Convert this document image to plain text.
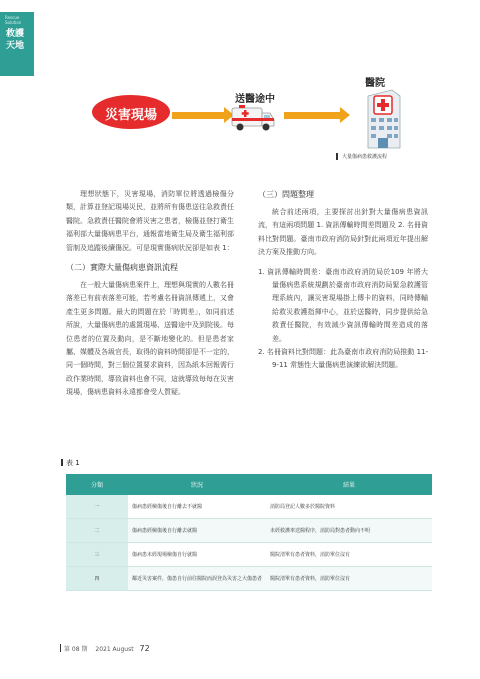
Rescue Solution
救護
天地
災害現場
送醫途中
醫院
大量傷病患救護流程

理想狀態下，災害現場，消防單位將透過檢傷分類，計算並登記現場災民，並將所有傷患送往急救責任醫院。急救責任醫院會將災害之患者，檢傷並登打衛生福利部大量傷病患平台，通報當地衛生局及衛生福利部管制及追蹤後續傷況。可是現實傷病狀況卻是如表 1：

（二）實際大量傷病患資訊流程

在一般大量傷病患案件上，理想與現實的人數名冊落差已有前表落差可能，若考慮名冊資訊傳遞上，又會產生更多問題。最大的問題在於「時間差」，如同前述所說，大量傷病患的處置現場、送醫途中及到院後。每位患者的位置及動向，是不斷地變化的。但是患者家屬、媒體及各級官長，取得的資料時間卻是不一定的，同一個時間，對三個位置要求資料，因為紙本回報需行政作業時間，導致資料也會不同，這就導致每每在災害現場，傷病患資料永遠都會受人質疑。

（三）問題整理

統合前述兩項，主要探討出針對大量傷病患資訊流，有這兩項問題 1. 資訊傳輸時間差問題及 2. 名冊資料比對問題。臺南市政府消防局針對此兩項近年提出解決方案及推動方向。

1. 資訊傳輸時間差：臺南市政府消防局於109 年將大量傷病患系統規劃於臺南市政府消防局緊急救護管理系統內，讓災害現場掛上傳卡的資料，同時傳輸給救災救護指揮中心，並於送醫時，同步提供給急救責任醫院，有效減少資訊傳輸時間差造成的落差。
2. 名冊資料比對問題：此為臺南市政府消防局推動 11-9-11 常態性大量傷病患演練欲解決問題。
表 1
分類	狀況	結果
一	傷病患經檢傷後自行離去不就醫	消防局登記人數多於醫院資料
二	傷病患經檢傷後自行離去就醫	未經救護車送醫程序，消防局對患者動向不明
三	傷病患未經現場檢傷自行就醫	醫院清單有患者資料，消防單位沒有
四	鄰近災害案件，傷患自行前往醫院而誤登為災害之大傷患者	醫院清單有患者資料，消防單位沒有
第 08 期 2021 August 72
